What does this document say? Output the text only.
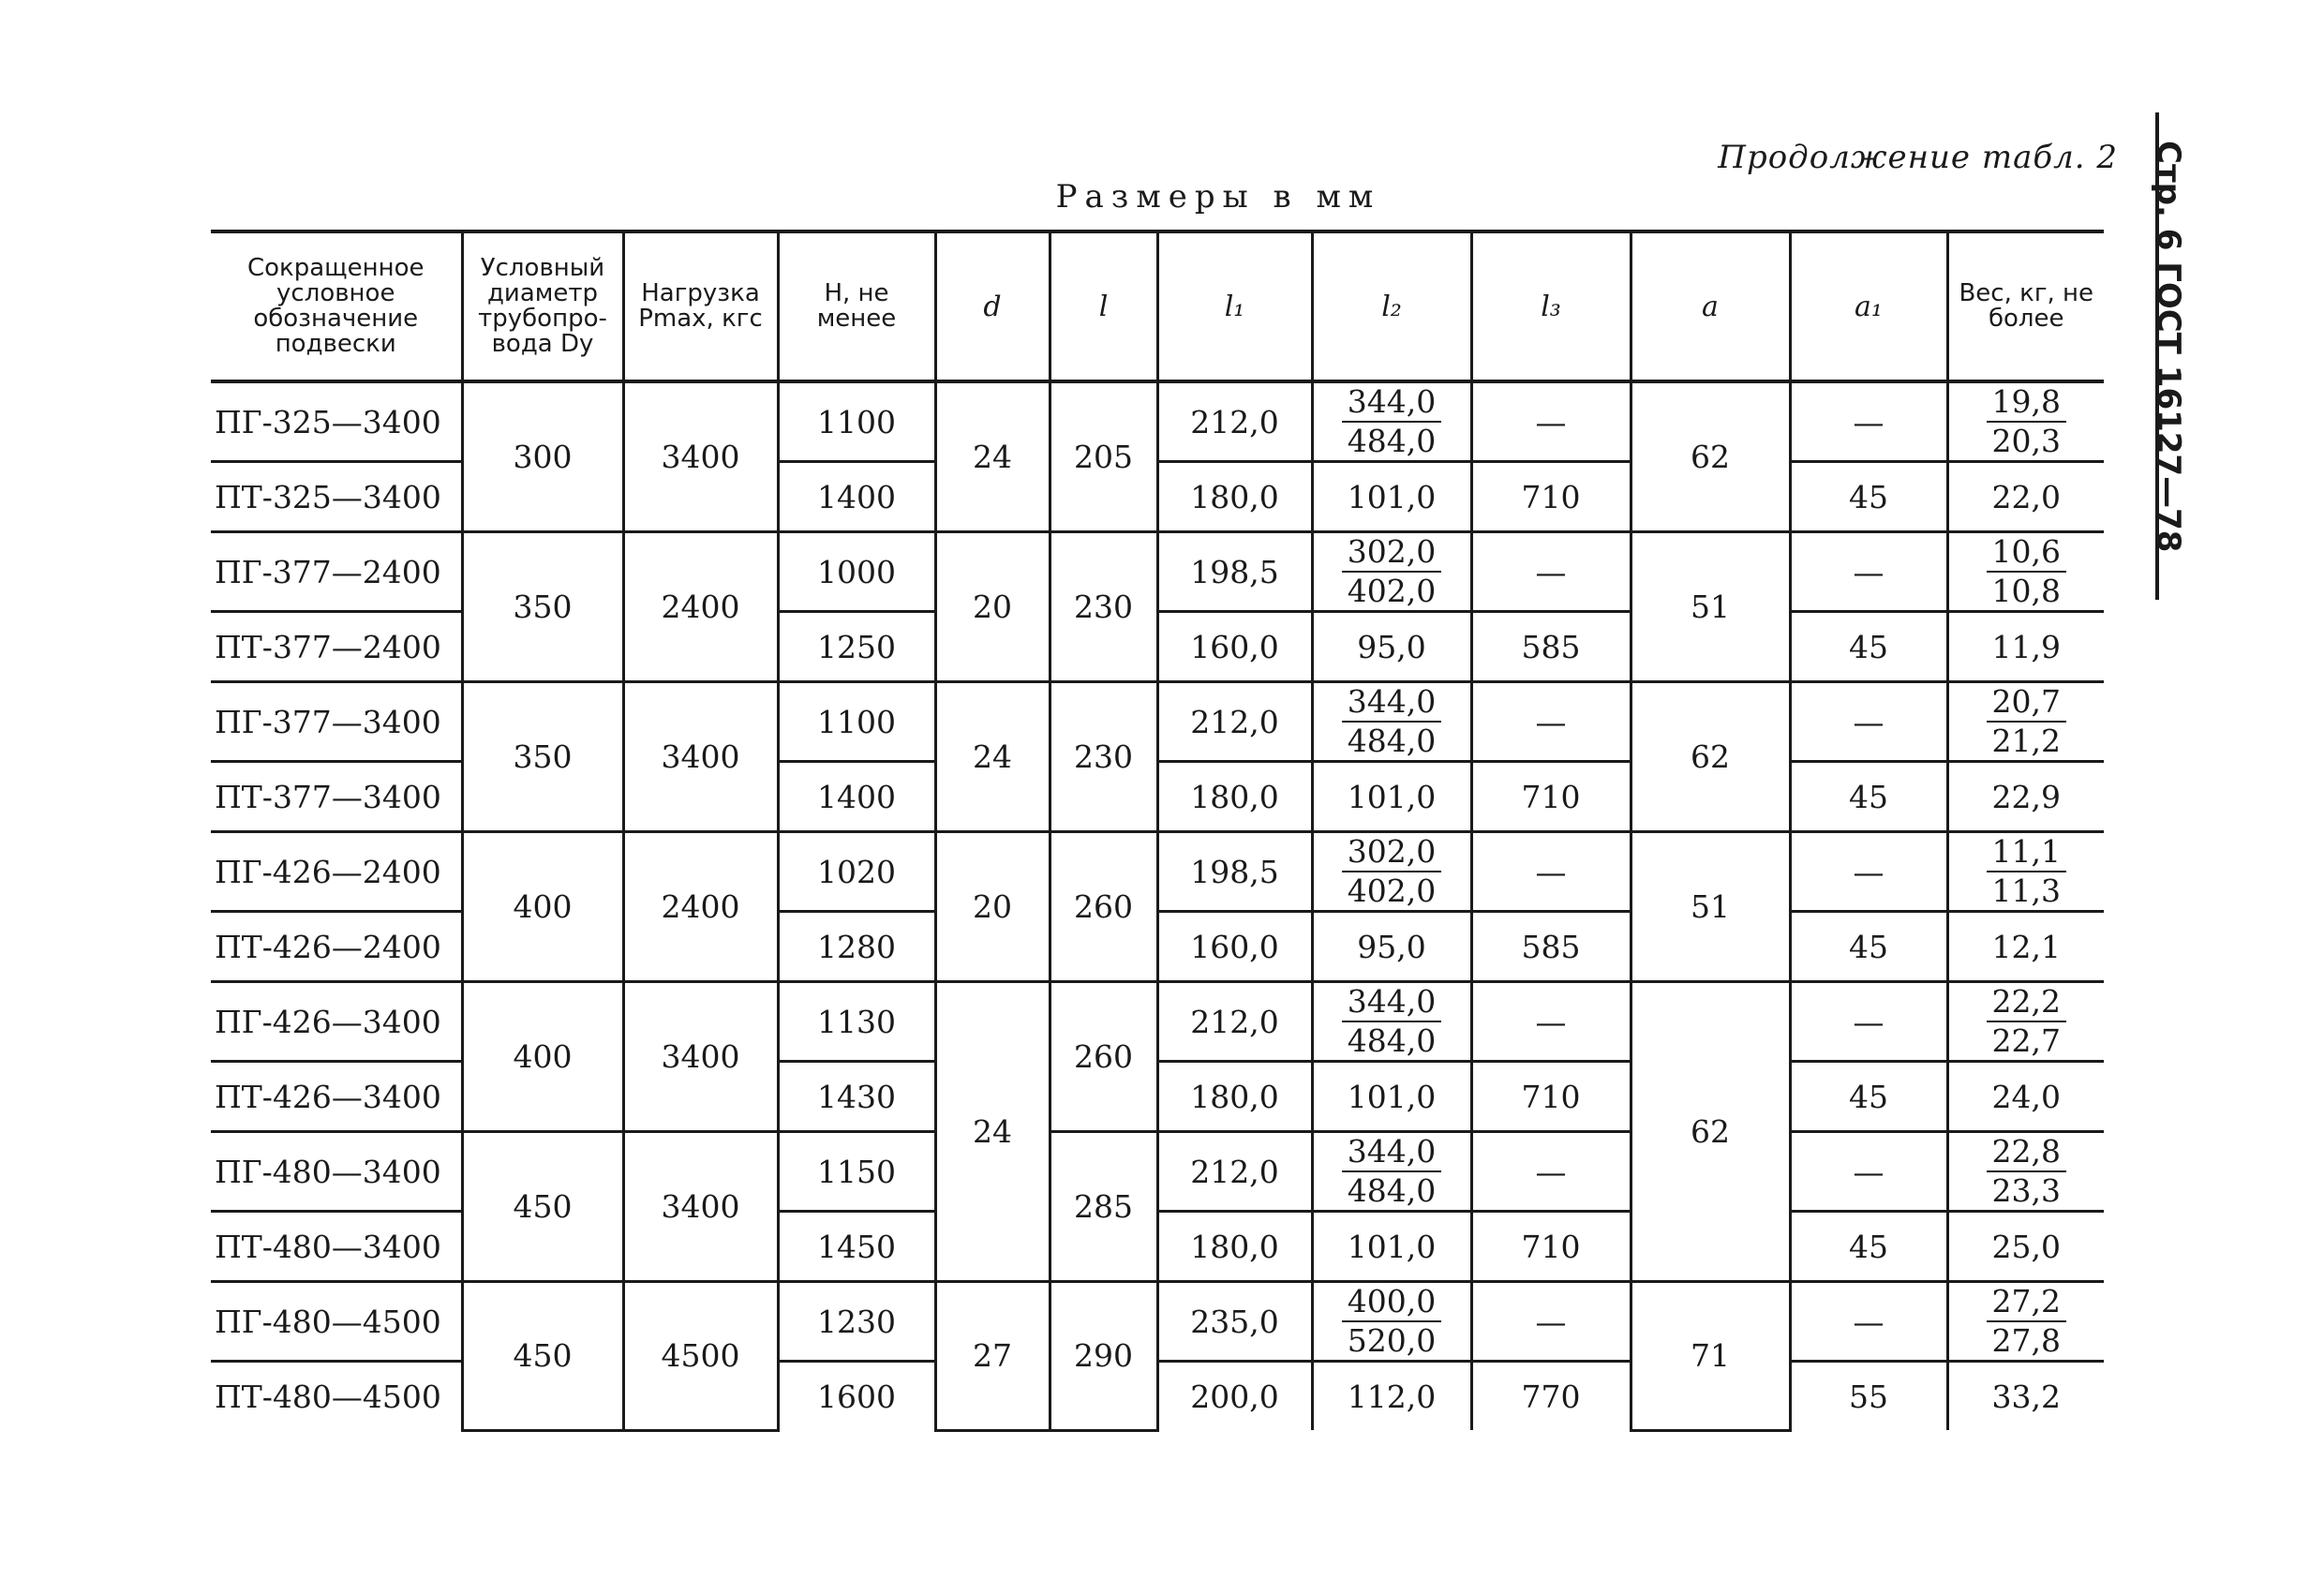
Продолжение табл. 2
Размеры в мм	Стр. 6 ГОСТ 16127—78
Сокращенное условное обозначение подвески	Условный диаметр трубопро-вода Dу	Нагрузка Pmax, кгс	H, не менее	d	l	l₁	l₂	l₃	a	a₁	Вес, кг, не более
ПГ-325—3400	300	3400	1100	24	205	212,0	$\frac{344,0}{484,0}$	—	62	—	$\frac{19,8}{20,3}$

ПТ-325—3400			1400			180,0	101,0	710		45	22,0
ПГ-377—2400	350	2400	1000	20	230	198,5	$\frac{302,0}{402,0}$	—	51	—	$\frac{10,6}{10,8}$

ПТ-377—2400			1250			160,0	95,0	585		45	11,9
ПГ-377—3400	350	3400	1100	24	230	212,0	$\frac{344,0}{484,0}$	—	62	—	$\frac{20,7}{21,2}$

ПТ-377—3400			1400			180,0	101,0	710		45	22,9
ПГ-426—2400	400	2400	1020	20	260	198,5	$\frac{302,0}{402,0}$	—	51	—	$\frac{11,1}{11,3}$

ПТ-426—2400			1280			160,0	95,0	585		45	12,1
ПГ-426—3400	400	3400	1130	24	260	212,0	$\frac{344,0}{484,0}$	—	62	—	$\frac{22,2}{22,7}$

ПТ-426—3400			1430			180,0	101,0	710		45	24,0
ПГ-480—3400	450	3400	1150		285	212,0	$\frac{344,0}{484,0}$	—		—	$\frac{22,8}{23,3}$

ПТ-480—3400			1450			180,0	101,0	710		45	25,0
ПГ-480—4500	450	4500	1230	27	290	235,0	$\frac{400,0}{520,0}$	—	71	—	$\frac{27,2}{27,8}$

ПТ-480—4500			1600			200,0	112,0	770		55	33,2
